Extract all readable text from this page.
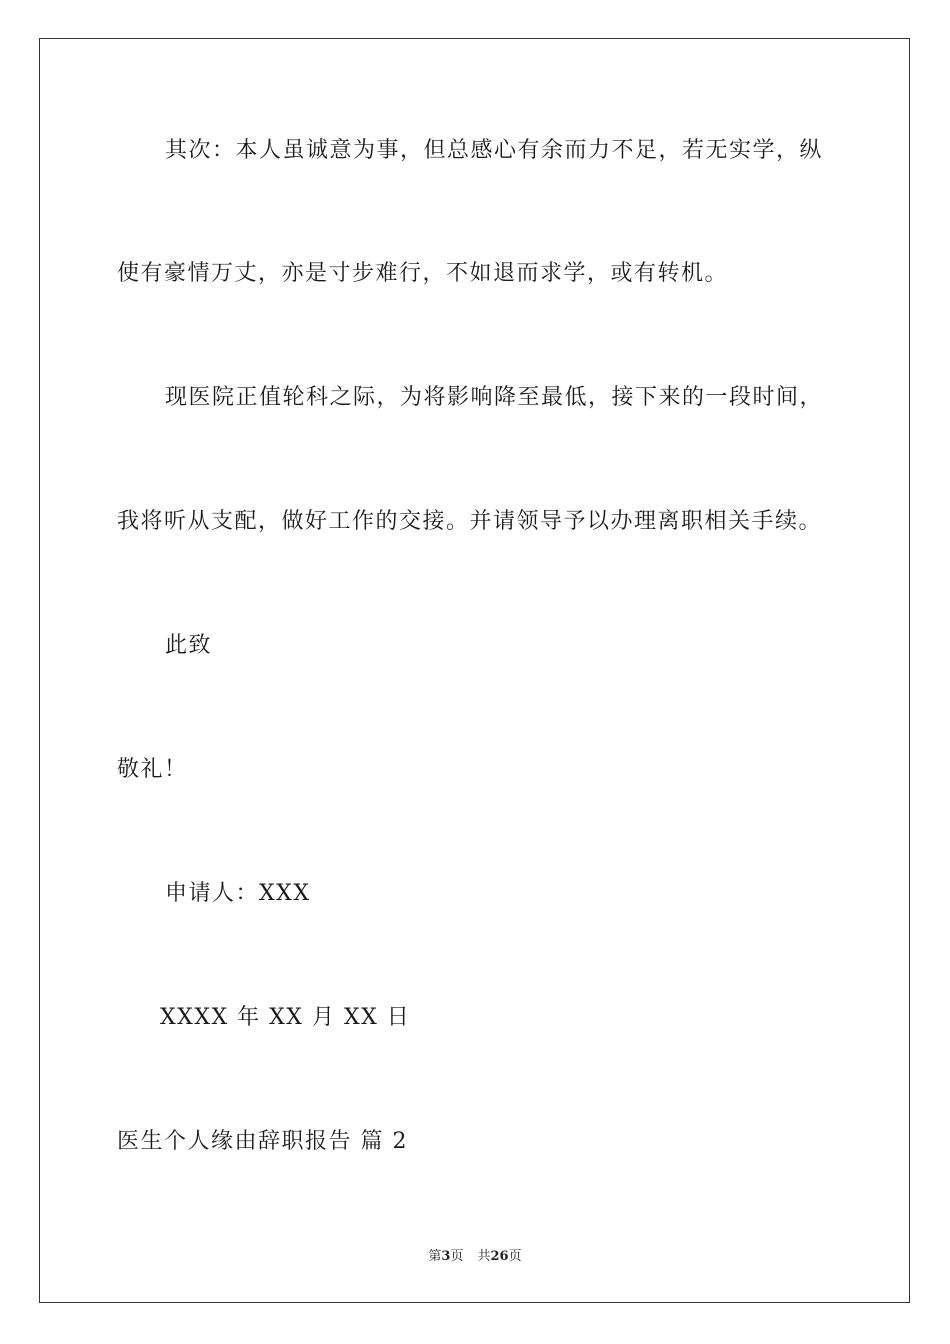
其次：本人虽诚意为事，但总感心有余而力不足，若无实学，纵
使有豪情万丈，亦是寸步难行，不如退而求学，或有转机。
现医院正值轮科之际，为将影响降至最低，接下来的一段时间，
我将听从支配，做好工作的交接。并请领导予以办理离职相关手续。
此致
敬礼！
申请人：XXX
XXXX 年 XX 月 XX 日
医生个人缘由辞职报告 篇 2
第3页 共26页
